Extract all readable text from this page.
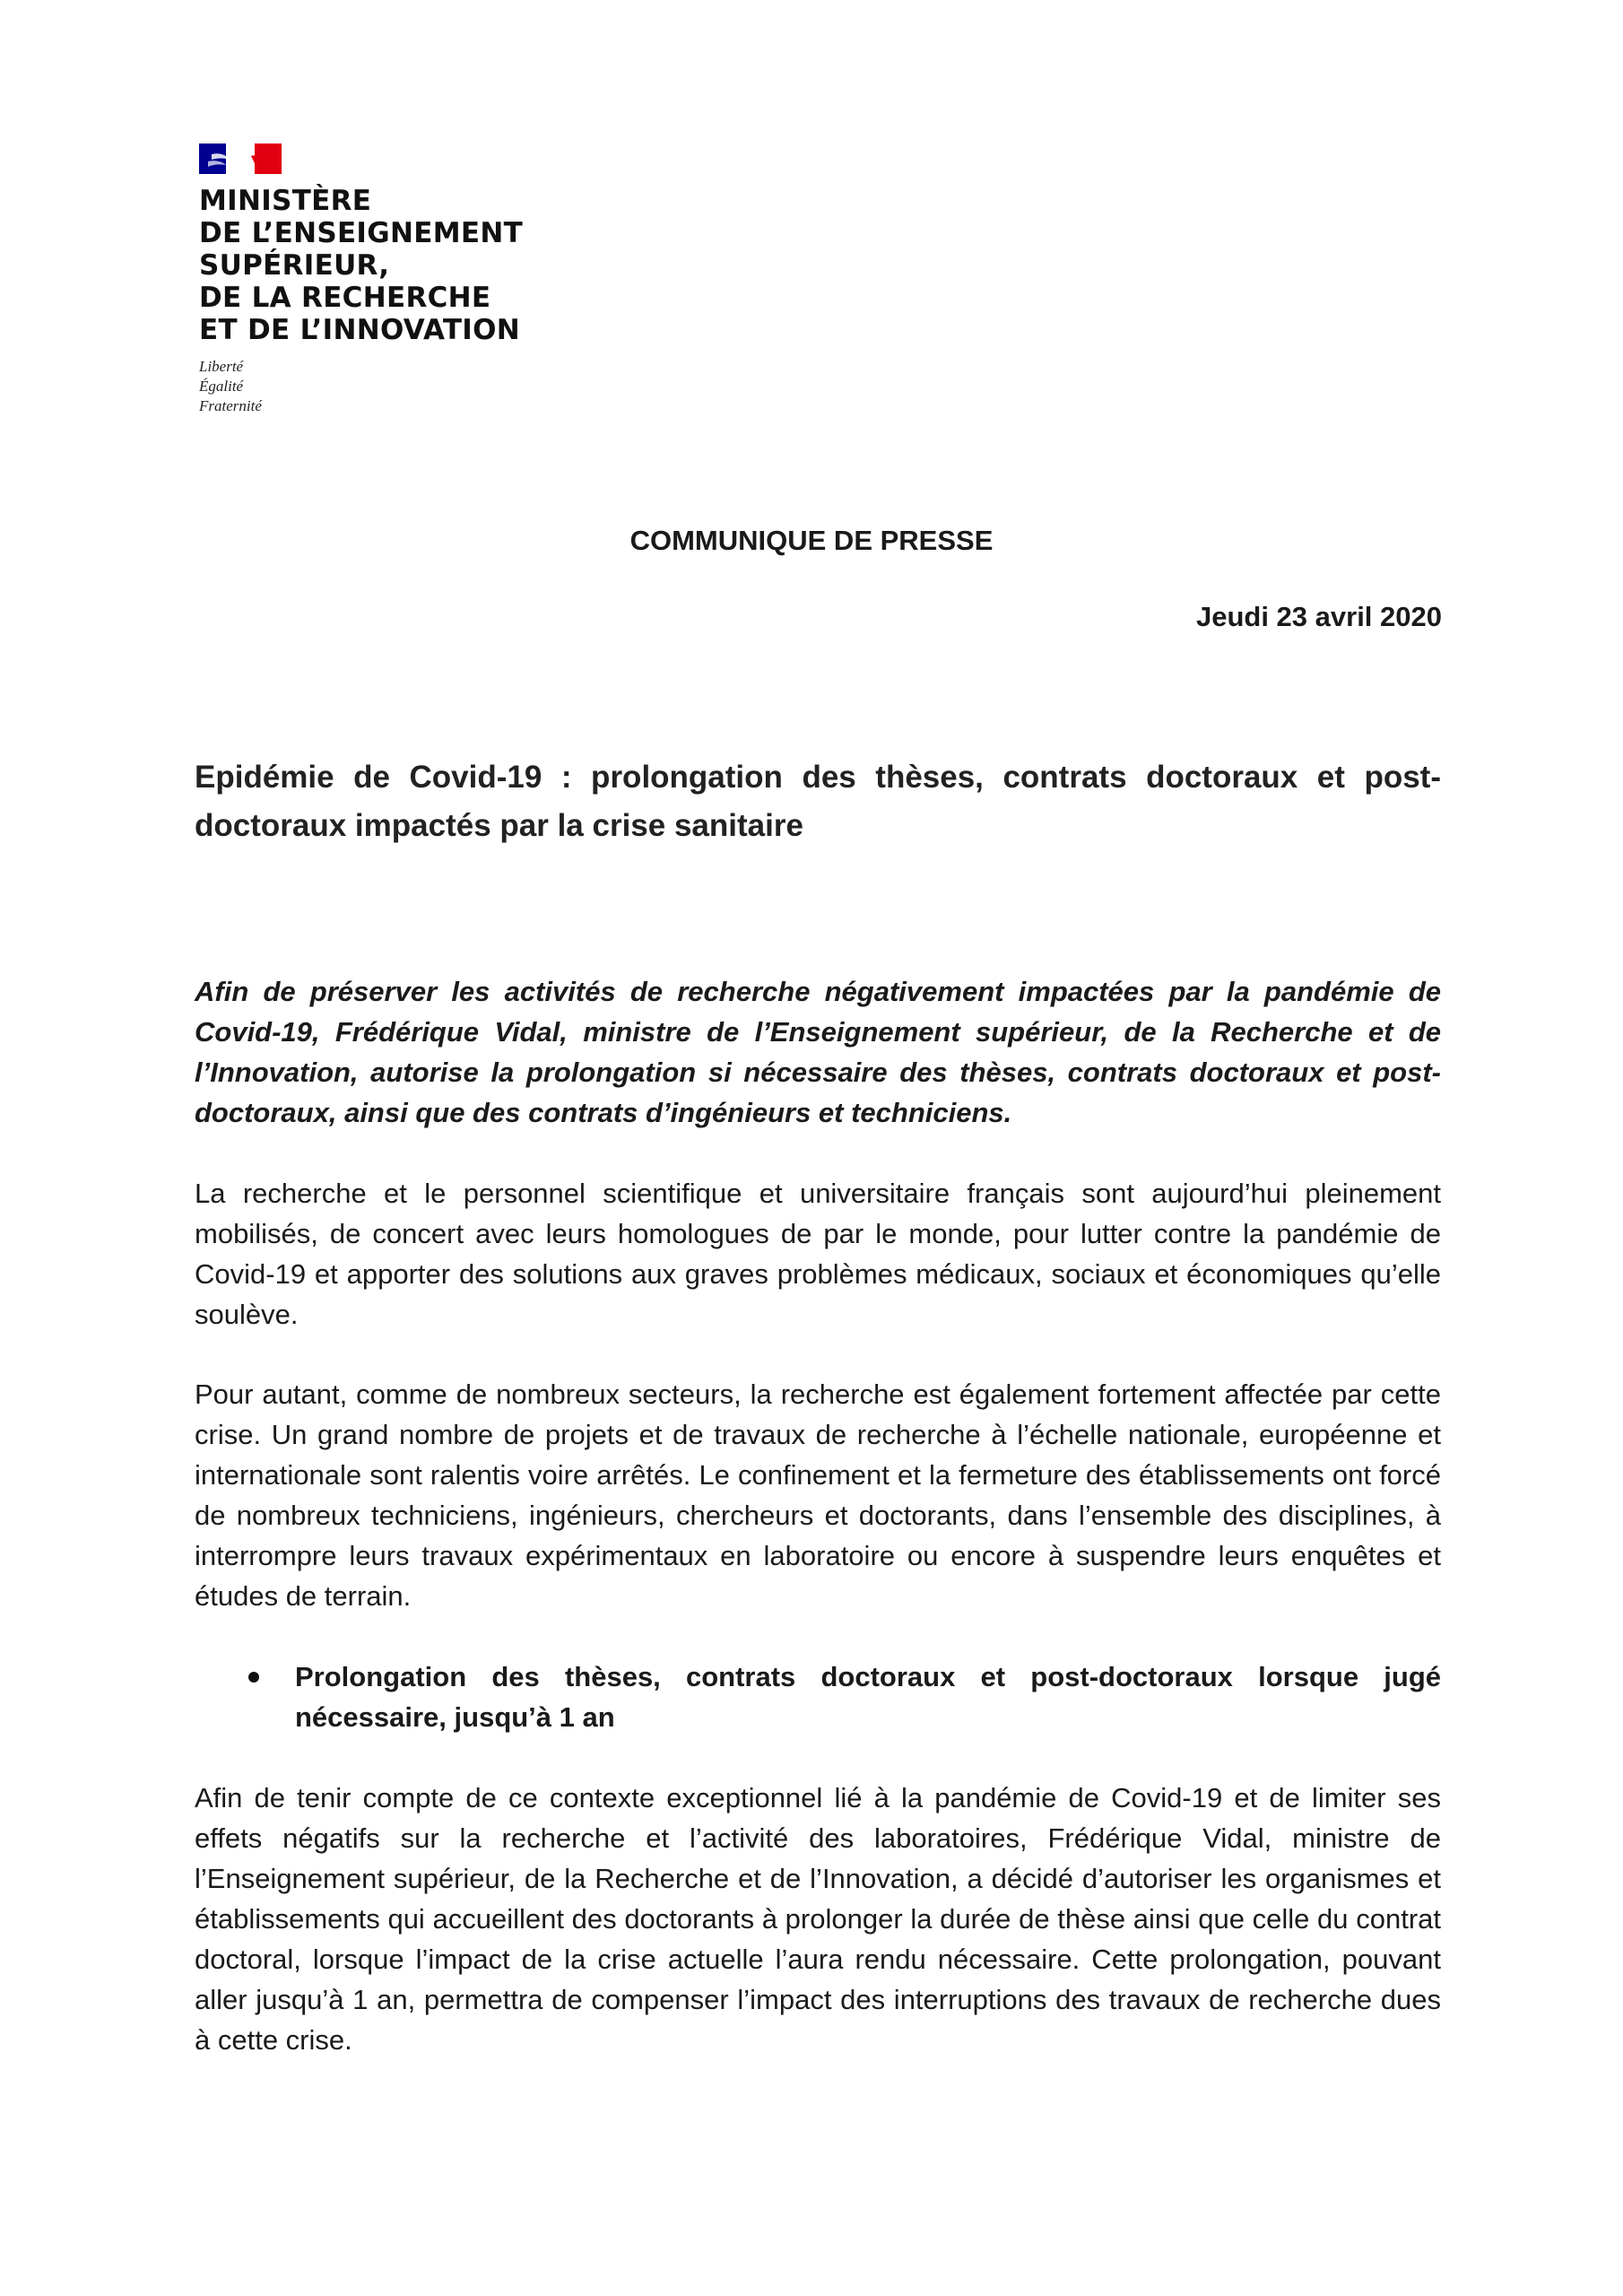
MINISTÈRE
DE L’ENSEIGNEMENT
SUPÉRIEUR,
DE LA RECHERCHE
ET DE L’INNOVATION
Liberté
Égalité
Fraternité
COMMUNIQUE DE PRESSE
Jeudi 23 avril 2020
Epidémie de Covid-19 : prolongation des thèses, contrats doctoraux et post-doctoraux impactés par la crise sanitaire
Afin de préserver les activités de recherche négativement impactées par la pandémie de Covid-19, Frédérique Vidal, ministre de l’Enseignement supérieur, de la Recherche et de l’Innovation, autorise la prolongation si nécessaire des thèses, contrats doctoraux et post-doctoraux, ainsi que des contrats d’ingénieurs et techniciens.
La recherche et le personnel scientifique et universitaire français sont aujourd’hui pleinement mobilisés, de concert avec leurs homologues de par le monde, pour lutter contre la pandémie de Covid-19 et apporter des solutions aux graves problèmes médicaux, sociaux et économiques qu’elle soulève.
Pour autant, comme de nombreux secteurs, la recherche est également fortement affectée par cette crise. Un grand nombre de projets et de travaux de recherche à l’échelle nationale, européenne et internationale sont ralentis voire arrêtés. Le confinement et la fermeture des établissements ont forcé de nombreux techniciens, ingénieurs, chercheurs et doctorants, dans l’ensemble des disciplines, à interrompre leurs travaux expérimentaux en laboratoire ou encore à suspendre leurs enquêtes et études de terrain.
Prolongation des thèses, contrats doctoraux et post-doctoraux lorsque jugé nécessaire, jusqu’à 1 an
Afin de tenir compte de ce contexte exceptionnel lié à la pandémie de Covid-19 et de limiter ses effets négatifs sur la recherche et l’activité des laboratoires, Frédérique Vidal, ministre de l’Enseignement supérieur, de la Recherche et de l’Innovation, a décidé d’autoriser les organismes et établissements qui accueillent des doctorants à prolonger la durée de thèse ainsi que celle du contrat doctoral, lorsque l’impact de la crise actuelle l’aura rendu nécessaire. Cette prolongation, pouvant aller jusqu’à 1 an, permettra de compenser l’impact des interruptions des travaux de recherche dues à cette crise.
